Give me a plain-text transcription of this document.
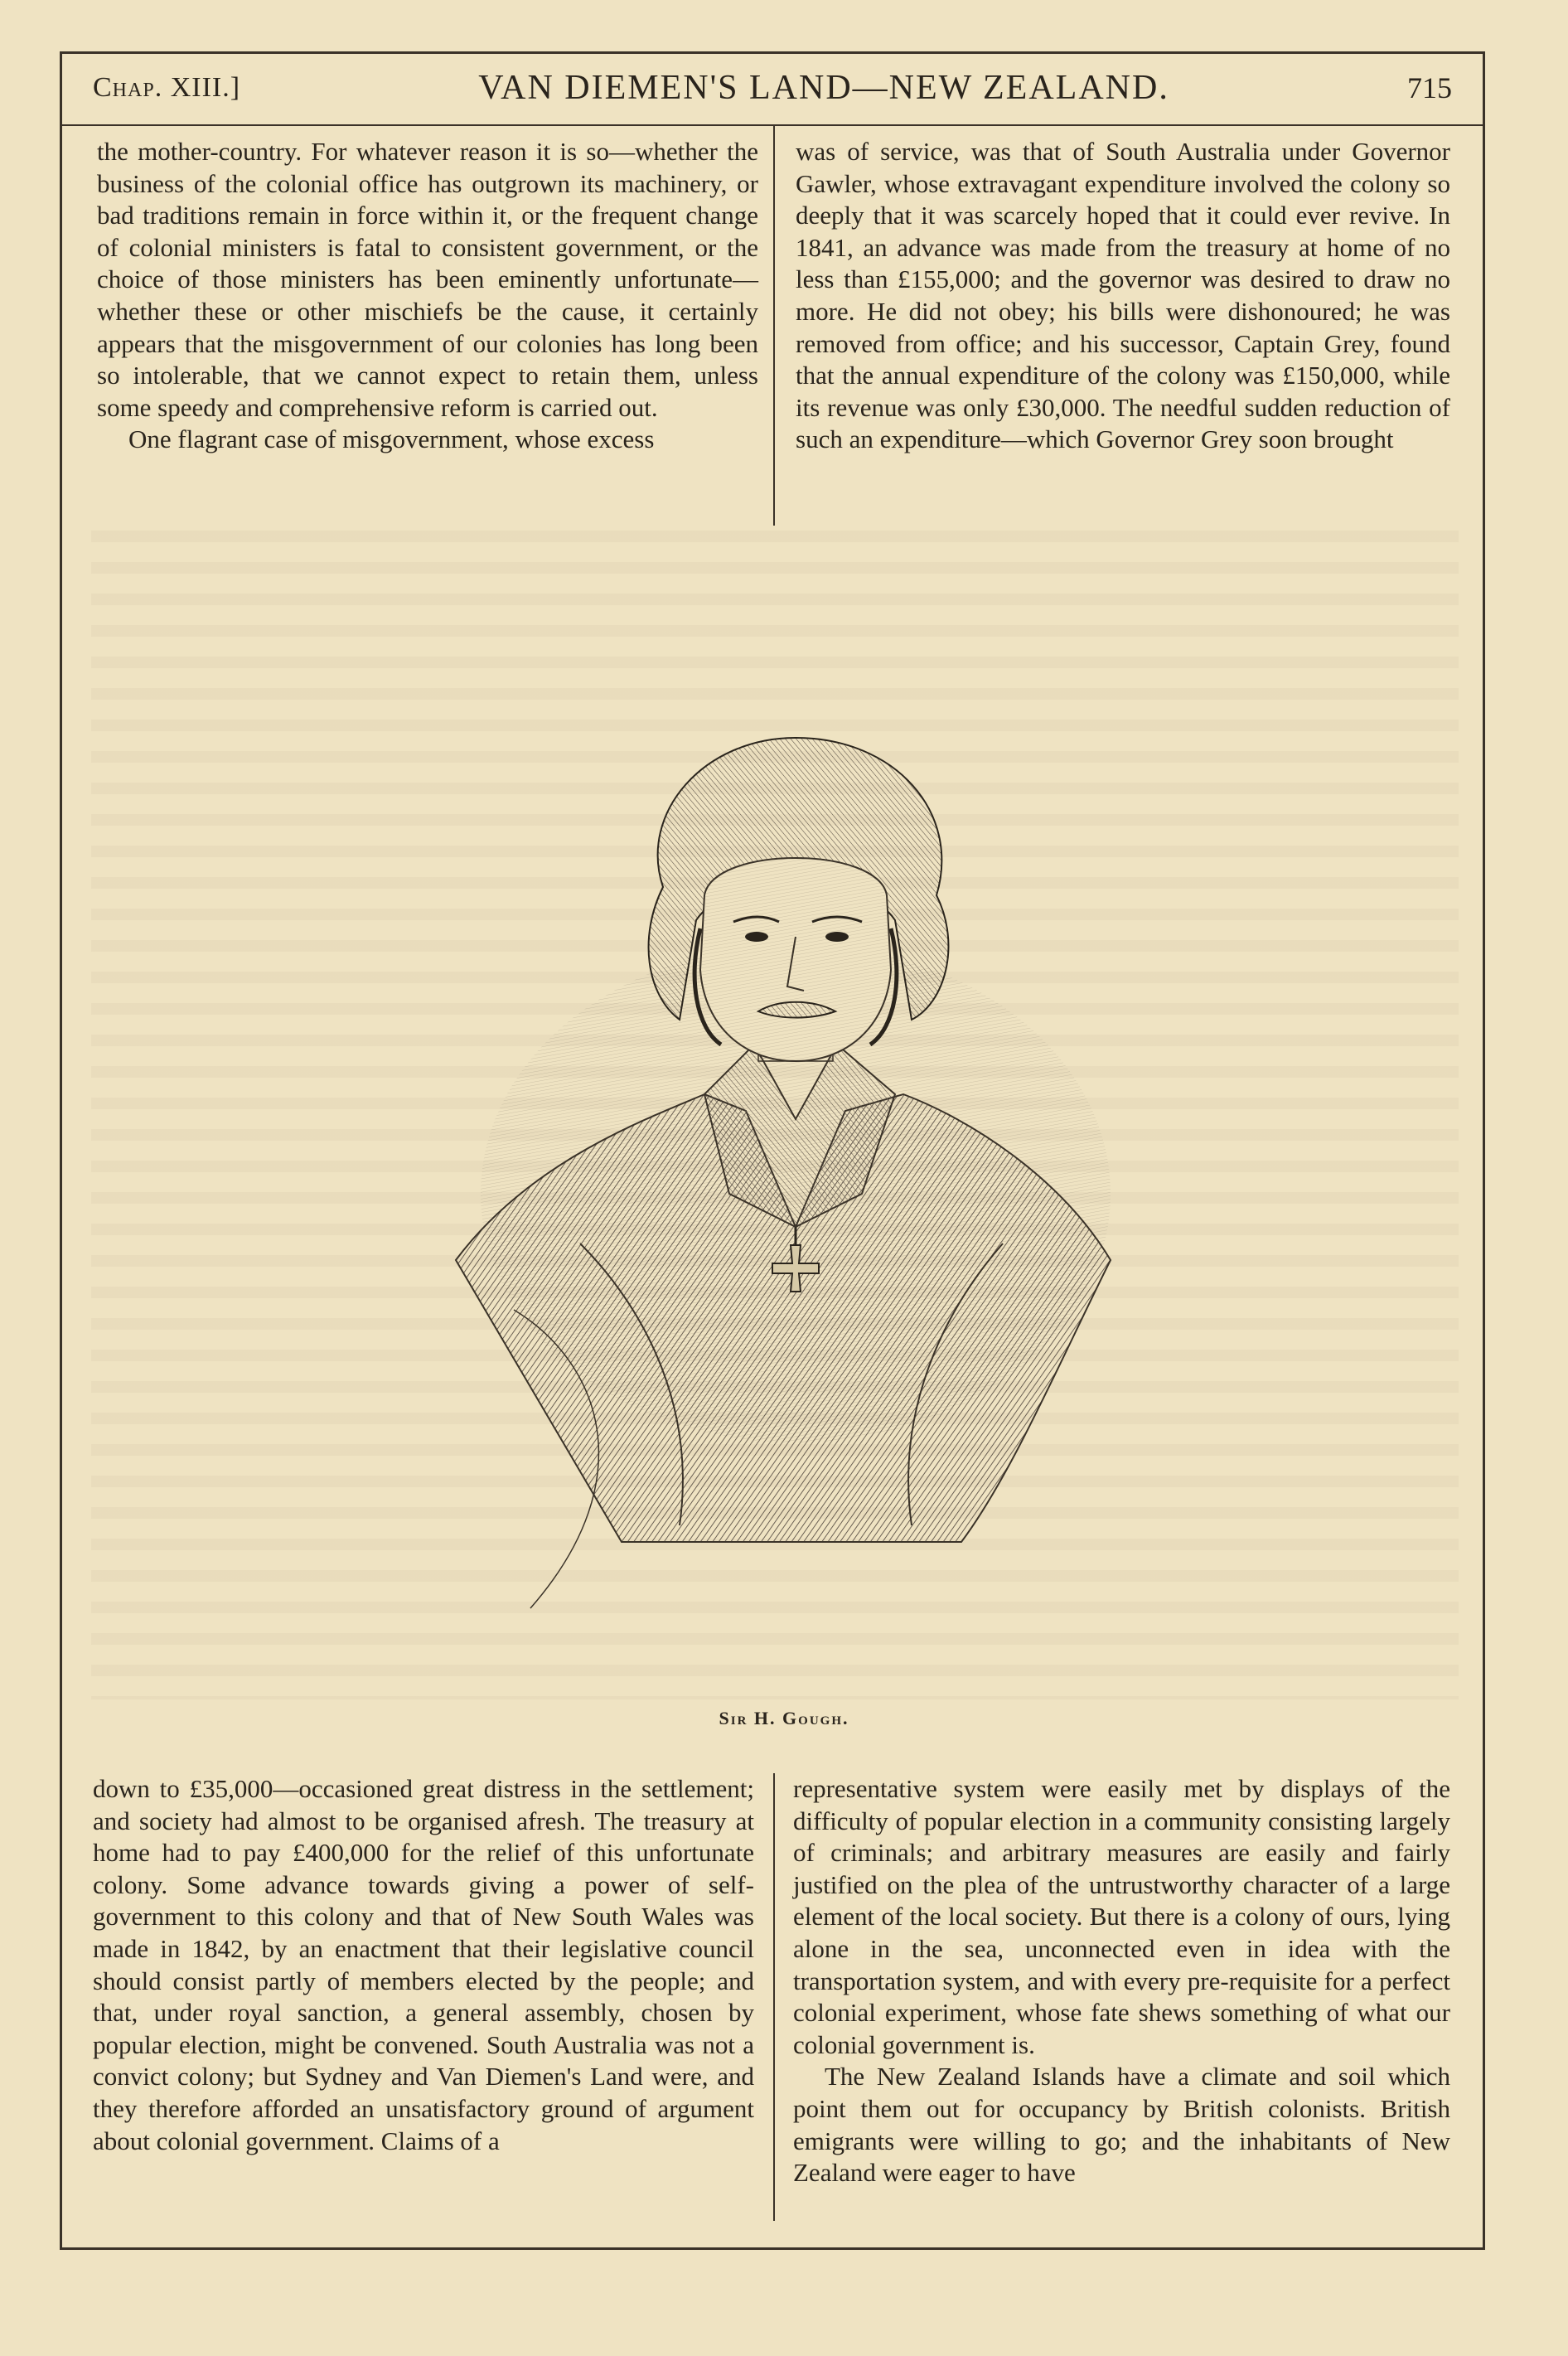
Chap. XIII.]	VAN DIEMEN'S LAND—NEW ZEALAND.	715

the mother-country. For whatever reason it is so—whether the business of the colonial office has outgrown its machinery, or bad traditions remain in force within it, or the frequent change of colonial ministers is fatal to consistent government, or the choice of those ministers has been eminently unfortunate—whether these or other mischiefs be the cause, it certainly appears that the misgovernment of our colonies has long been so intolerable, that we cannot expect to retain them, unless some speedy and comprehensive reform is carried out.

One flagrant case of misgovernment, whose excess

was of service, was that of South Australia under Governor Gawler, whose extravagant expenditure involved the colony so deeply that it was scarcely hoped that it could ever revive. In 1841, an advance was made from the treasury at home of no less than £155,000; and the governor was desired to draw no more. He did not obey; his bills were dishonoured; he was removed from office; and his successor, Captain Grey, found that the annual expenditure of the colony was £150,000, while its revenue was only £30,000. The needful sudden reduction of such an expenditure—which Governor Grey soon brought

Sir H. Gough.

down to £35,000—occasioned great distress in the settlement; and society had almost to be organised afresh. The treasury at home had to pay £400,000 for the relief of this unfortunate colony. Some advance towards giving a power of self-government to this colony and that of New South Wales was made in 1842, by an enactment that their legislative council should consist partly of members elected by the people; and that, under royal sanction, a general assembly, chosen by popular election, might be convened. South Australia was not a convict colony; but Sydney and Van Diemen's Land were, and they therefore afforded an unsatisfactory ground of argument about colonial government. Claims of a

representative system were easily met by displays of the difficulty of popular election in a community consisting largely of criminals; and arbitrary measures are easily and fairly justified on the plea of the untrustworthy character of a large element of the local society. But there is a colony of ours, lying alone in the sea, unconnected even in idea with the transportation system, and with every pre-requisite for a perfect colonial experiment, whose fate shews something of what our colonial government is.

The New Zealand Islands have a climate and soil which point them out for occupancy by British colonists. British emigrants were willing to go; and the inhabitants of New Zealand were eager to have
